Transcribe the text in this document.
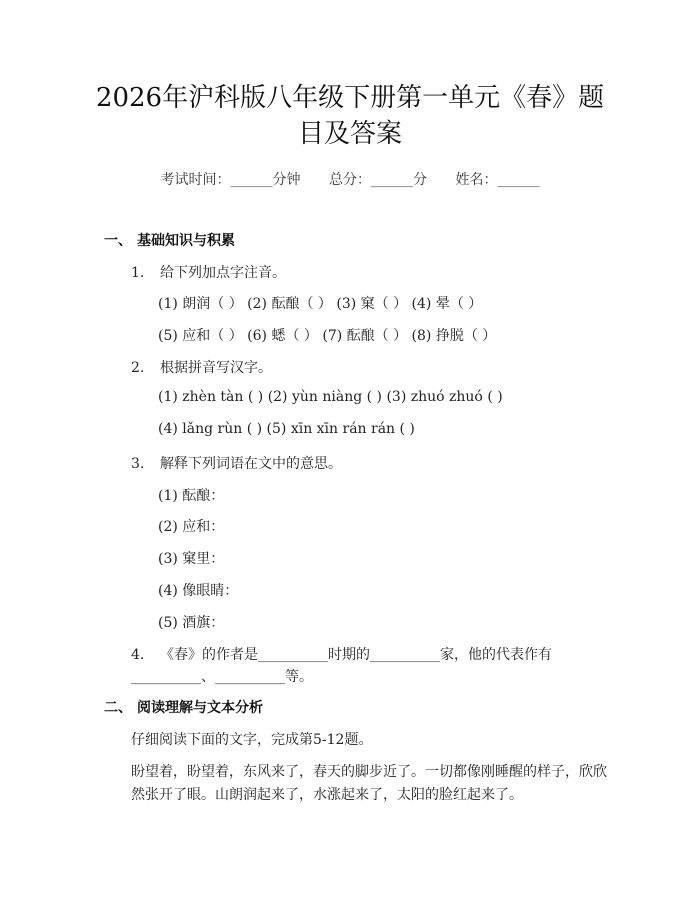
2026年沪科版八年级下册第一单元《春》题目及答案
考试时间：______分钟 总分：______分 姓名：______
一、 基础知识与积累
1. 给下列加点字注音。
(1) 朗润（ ） (2) 酝酿（ ） (3) 窠（ ） (4) 晕（ ）
(5) 应和（ ） (6) 蟋（ ） (7) 酝酿（ ） (8) 挣脱（ ）
2. 根据拼音写汉字。
(1) zhèn tàn ( ) (2) yùn niàng ( ) (3) zhuó zhuó ( )
(4) lǎng rùn ( ) (5) xīn xīn rán rán ( )
3. 解释下列词语在文中的意思。
(1) 酝酿：
(2) 应和：
(3) 窠里：
(4) 像眼睛：
(5) 酒旗：
4. 《春》的作者是__________时期的__________家，他的代表作有
__________、__________等。
二、 阅读理解与文本分析
仔细阅读下面的文字，完成第5-12题。
盼望着，盼望着，东风来了，春天的脚步近了。一切都像刚睡醒的样子，欣欣然张开了眼。山朗润起来了，水涨起来了，太阳的脸红起来了。
